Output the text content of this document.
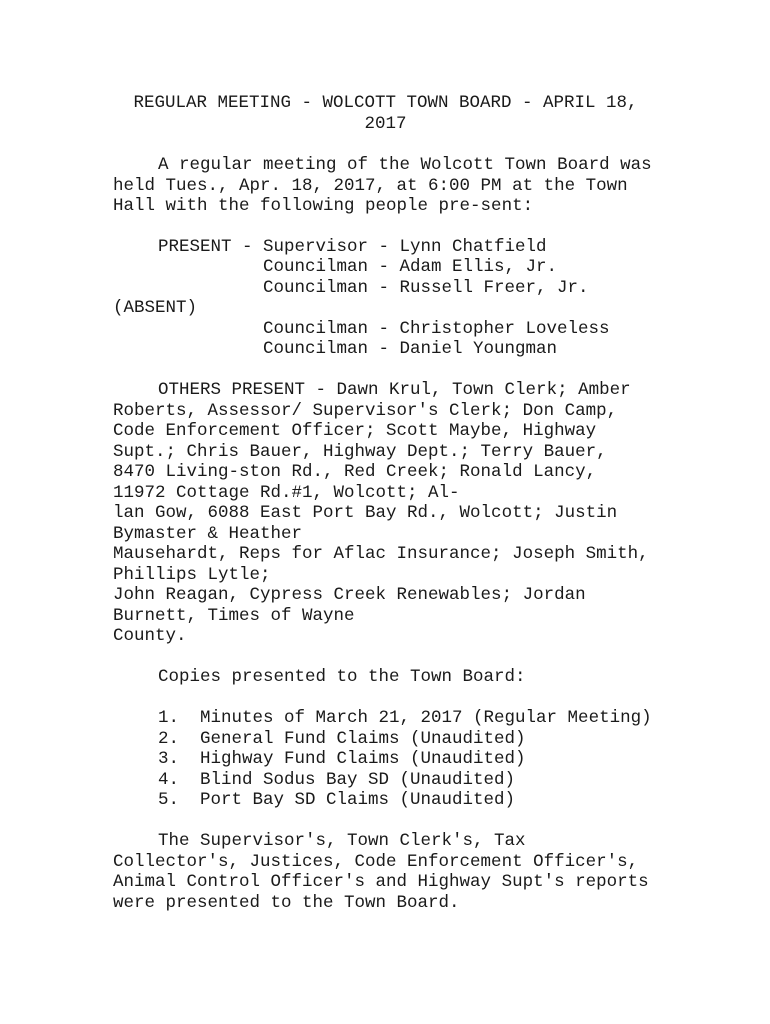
REGULAR MEETING - WOLCOTT TOWN BOARD - APRIL 18,
2017
A regular meeting of the Wolcott Town Board was
held Tues., Apr. 18, 2017, at 6:00 PM at the Town
Hall with the following people pre-sent:
PRESENT - Supervisor - Lynn Chatfield
Councilman - Adam Ellis, Jr.
Councilman - Russell Freer, Jr.
(ABSENT)
Councilman - Christopher Loveless
Councilman - Daniel Youngman
OTHERS PRESENT - Dawn Krul, Town Clerk; Amber
Roberts, Assessor/ Supervisor's Clerk; Don Camp,
Code Enforcement Officer; Scott Maybe, Highway
Supt.; Chris Bauer, Highway Dept.; Terry Bauer,
8470 Living-ston Rd., Red Creek; Ronald Lancy,
11972 Cottage Rd.#1, Wolcott; Al-
lan Gow, 6088 East Port Bay Rd., Wolcott; Justin
Bymaster & Heather
Mausehardt, Reps for Aflac Insurance; Joseph Smith,
Phillips Lytle;
John Reagan, Cypress Creek Renewables; Jordan
Burnett, Times of Wayne
County.
Copies presented to the Town Board:
1. Minutes of March 21, 2017 (Regular Meeting)
2. General Fund Claims (Unaudited)
3. Highway Fund Claims (Unaudited)
4. Blind Sodus Bay SD (Unaudited)
5. Port Bay SD Claims (Unaudited)
The Supervisor's, Town Clerk's, Tax
Collector's, Justices, Code Enforcement Officer's,
Animal Control Officer's and Highway Supt's reports
were presented to the Town Board.
